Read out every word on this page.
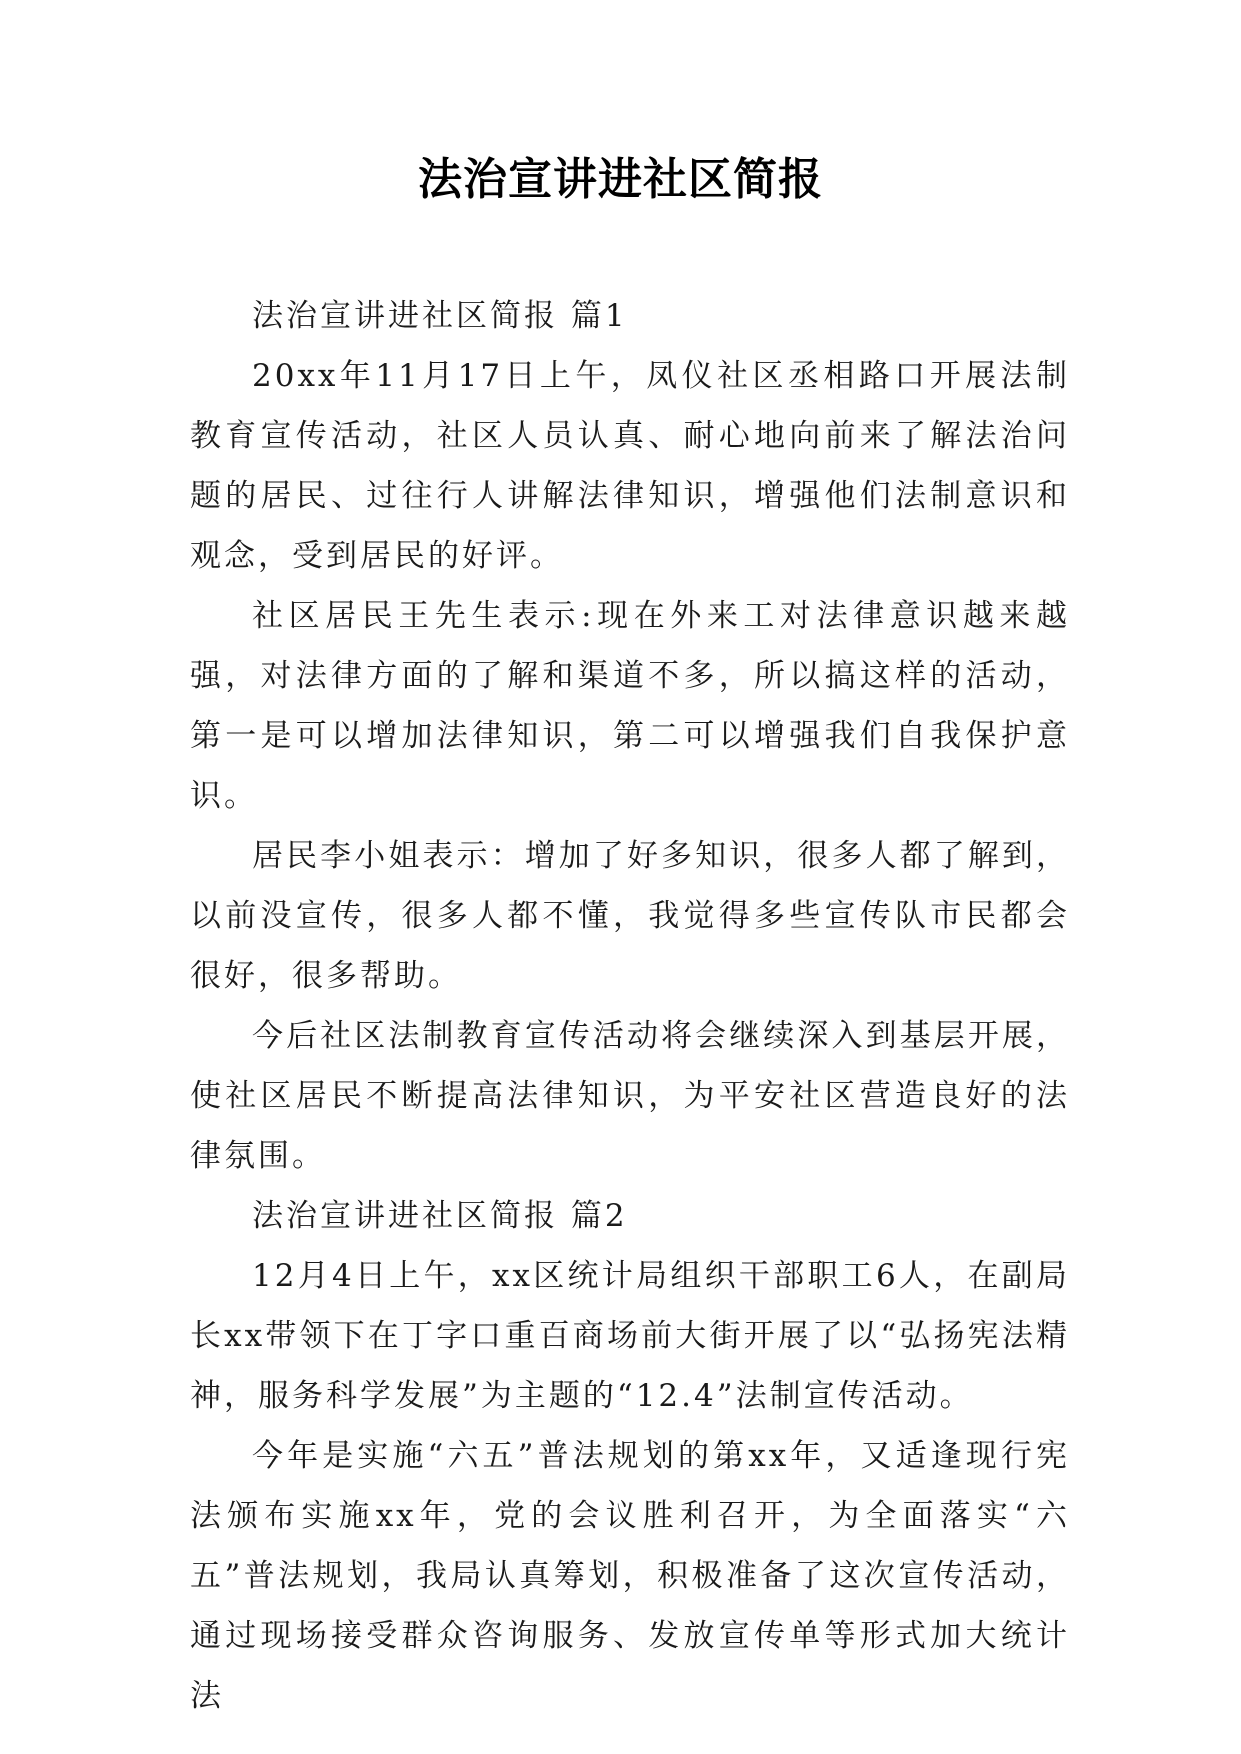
法治宣讲进社区简报

法治宣讲进社区简报 篇1

20xx年11月17日上午，凤仪社区丞相路口开展法制教育宣传活动，社区人员认真、耐心地向前来了解法治问题的居民、过往行人讲解法律知识，增强他们法制意识和观念，受到居民的好评。

社区居民王先生表示:现在外来工对法律意识越来越强，对法律方面的了解和渠道不多，所以搞这样的活动，第一是可以增加法律知识，第二可以增强我们自我保护意识。

居民李小姐表示：增加了好多知识，很多人都了解到，以前没宣传，很多人都不懂，我觉得多些宣传队市民都会很好，很多帮助。

今后社区法制教育宣传活动将会继续深入到基层开展，使社区居民不断提高法律知识，为平安社区营造良好的法律氛围。

法治宣讲进社区简报 篇2

12月4日上午，xx区统计局组织干部职工6人，在副局长xx带领下在丁字口重百商场前大街开展了以“弘扬宪法精神，服务科学发展”为主题的“12.4”法制宣传活动。

今年是实施“六五”普法规划的第xx年，又适逢现行宪法颁布实施xx年，党的会议胜利召开，为全面落实“六五”普法规划，我局认真筹划，积极准备了这次宣传活动，通过现场接受群众咨询服务、发放宣传单等形式加大统计法
